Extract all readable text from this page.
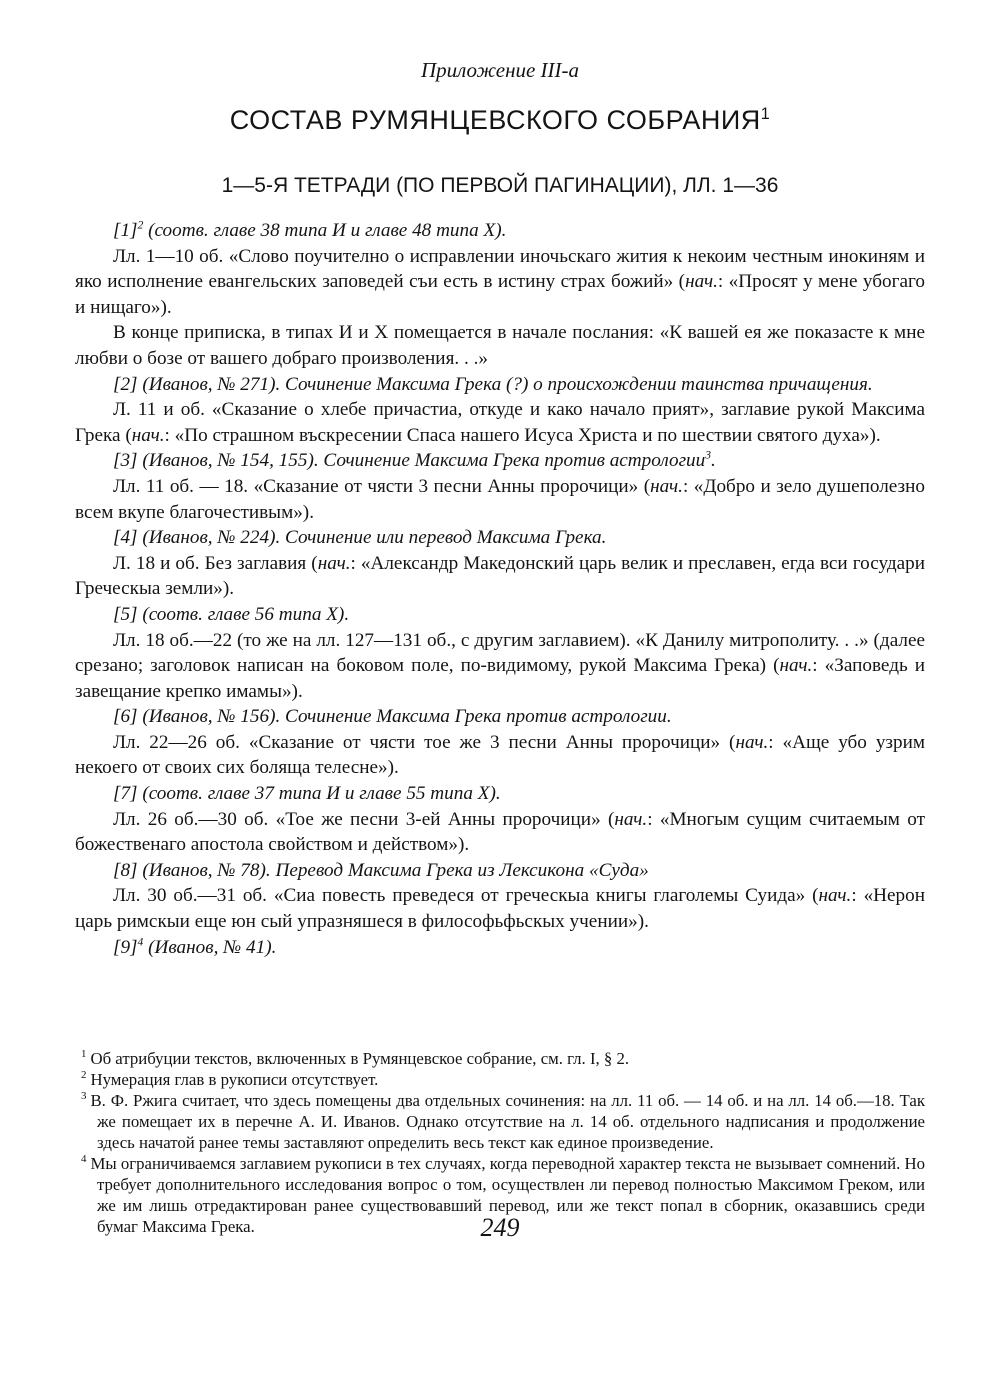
Приложение III-а
СОСТАВ РУМЯНЦЕВСКОГО СОБРАНИЯ$^1$
1—5-Я ТЕТРАДИ (ПО ПЕРВОЙ ПАГИНАЦИИ), ЛЛ. 1—36

$[1]^2$ (соотв. главе 38 типа И и главе 48 типа X).

Лл. 1—10 об. «Слово поучително о исправлении иночьскаго жития к некоим честным инокиням и яко исполнение евангельских заповедей съи есть в истину страх божий» (нач.: «Просят у мене убогаго и нищаго»).

В конце приписка, в типах И и X помещается в начале послания: «К вашей ея же показасте к мне любви о бозе от вашего добраго произволения. . .»

[2] (Иванов, № 271). Сочинение Максима Грека (?) о происхождении таинства причащения.

Л. 11 и об. «Сказание о хлебе причастиа, откуде и како начало прият», заглавие рукой Максима Грека (нач.: «По страшном въскресении Спаса нашего Исуса Христа и по шествии святого духа»).

[3] (Иванов, № 154, 155). Сочинение Максима Грека против астрологии$^3$.

Лл. 11 об. — 18. «Сказание от чясти 3 песни Анны пророчици» (нач.: «Добро и зело душеполезно всем вкупе благочестивым»).

[4] (Иванов, № 224). Сочинение или перевод Максима Грека.

Л. 18 и об. Без заглавия (нач.: «Александр Македонский царь велик и преславен, егда вси государи Греческыа земли»).

[5] (соотв. главе 56 типа X).

Лл. 18 об.—22 (то же на лл. 127—131 об., с другим заглавием). «К Данилу митрополиту. . .» (далее срезано; заголовок написан на боковом поле, по-видимому, рукой Максима Грека) (нач.: «Заповедь и завещание крепко имамы»).

[6] (Иванов, № 156). Сочинение Максима Грека против астрологии.

Лл. 22—26 об. «Сказание от чясти тое же 3 песни Анны пророчици» (нач.: «Аще убо узрим некоего от своих сих боляща телесне»).

[7] (соотв. главе 37 типа И и главе 55 типа X).

Лл. 26 об.—30 об. «Тое же песни 3-ей Анны пророчици» (нач.: «Многым сущим считаемым от божественаго апостола свойством и действом»).

[8] (Иванов, № 78). Перевод Максима Грека из Лексикона «Суда»

Лл. 30 об.—31 об. «Сиа повесть преведеся от греческыа книгы глаголемы Суида» (нач.: «Нерон царь римскыи еще юн сый упразняшеся в философьфьскых учении»).

$[9]^4$ (Иванов, № 41).

$^1$ Об атрибуции текстов, включенных в Румянцевское собрание, см. гл. I, § 2.

$^2$ Нумерация глав в рукописи отсутствует.

$^3$ В. Ф. Ржига считает, что здесь помещены два отдельных сочинения: на лл. 11 об. — 14 об. и на лл. 14 об.—18. Так же помещает их в перечне А. И. Иванов. Однако отсутствие на л. 14 об. отдельного надписания и продолжение здесь начатой ранее темы заставляют определить весь текст как единое произведение.

$^4$ Мы ограничиваемся заглавием рукописи в тех случаях, когда переводной характер текста не вызывает сомнений. Но требует дополнительного исследования вопрос о том, осуществлен ли перевод полностью Максимом Греком, или же им лишь отредактирован ранее существовавший перевод, или же текст попал в сборник, оказавшись среди бумаг Максима Грека.	249
